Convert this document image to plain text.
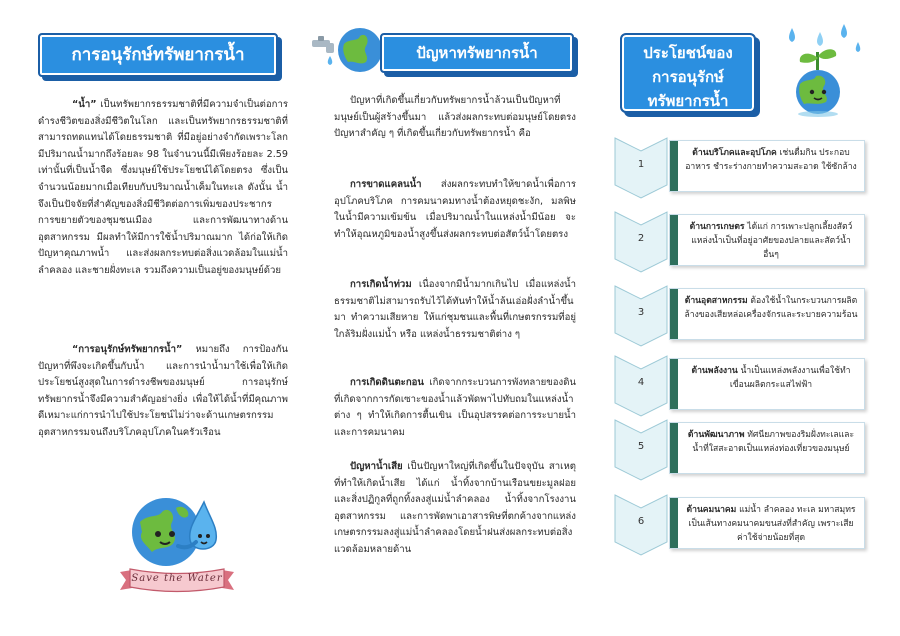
การอนุรักษ์ทรัพยากรน้ำ

“น้ำ” เป็นทรัพยากรธรรมชาติที่มีความจำเป็นต่อการดำรงชีวิตของสิ่งมีชีวิตในโลก และเป็นทรัพยากรธรรมชาติที่สามารถทดแทนได้โดยธรรมชาติ ที่มีอยู่อย่างจำกัดเพราะโลกมีปริมาณน้ำมากถึงร้อยละ 98 ในจำนวนนี้มีเพียงร้อยละ 2.59 เท่านั้นที่เป็นน้ำจืด ซึ่งมนุษย์ใช้ประโยชน์ได้โดยตรง ซึ่งเป็นจำนวนน้อยมากเมื่อเทียบกับปริมาณน้ำเค็มในทะเล ดังนั้น น้ำจึงเป็นปัจจัยที่สำคัญของสิ่งมีชีวิตต่อการเพิ่มของประชากรการขยายตัวของชุมชนเมือง และการพัฒนาทางด้านอุตสาหกรรม มีผลทำให้มีการใช้น้ำปริมาณมาก ได้ก่อให้เกิดปัญหาคุณภาพน้ำ และส่งผลกระทบต่อสิ่งแวดล้อมในแม่น้ำลำคลอง และชายฝั่งทะเล รวมถึงความเป็นอยู่ของมนุษย์ด้วย

“การอนุรักษ์ทรัพยากรน้ำ” หมายถึง การป้องกันปัญหาที่พึงจะเกิดขึ้นกับน้ำ และการนำน้ำมาใช้เพื่อให้เกิดประโยชน์สูงสุดในการดำรงชีพของมนุษย์ การอนุรักษ์ทรัพยากรน้ำจึงมีความสำคัญอย่างยิ่ง เพื่อให้ได้น้ำที่มีคุณภาพดีเหมาะแก่การนำไปใช้ประโยชน์ไม่ว่าจะด้านเกษตรกรรม อุตสาหกรรมจนถึงบริโภคอุปโภคในครัวเรือน

Save the Water
ปัญหาทรัพยากรน้ำ

ปัญหาที่เกิดขึ้นเกี่ยวกับทรัพยากรน้ำล้วนเป็นปัญหาที่มนุษย์เป็นผู้สร้างขึ้นมา แล้วส่งผลกระทบต่อมนุษย์โดยตรง ปัญหาสำคัญ ๆ ที่เกิดขึ้นเกี่ยวกับทรัพยากรน้ำ คือ

การขาดแคลนน้ำ ส่งผลกระทบทำให้ขาดน้ำเพื่อการอุปโภคบริโภค การคมนาคมทางน้ำต้องหยุดชะงัก, มลพิษในน้ำมีความเข้มข้น เมื่อปริมาณน้ำในแหล่งน้ำมีน้อย จะทำให้อุณหภูมิของน้ำสูงขึ้นส่งผลกระทบต่อสัตว์น้ำโดยตรง

การเกิดน้ำท่วม เนื่องจากมีน้ำมากเกินไป เมื่อแหล่งน้ำธรรมชาติไม่สามารถรับไว้ได้ทันทำให้น้ำล้นเอ่อฝั่งลำน้ำขึ้นมา ทำความเสียหาย ให้แก่ชุมชนและพื้นที่เกษตรกรรมที่อยู่ใกล้ริมฝั่งแม่น้ำ หรือ แหล่งน้ำธรรมชาติต่าง ๆ

การเกิดดินตะกอน เกิดจากกระบวนการพังทลายของดินที่เกิดจากการกัดเซาะของน้ำแล้วพัดพาไปทับถมในแหล่งน้ำต่าง ๆ ทำให้เกิดการตื้นเขิน เป็นอุปสรรคต่อการระบายน้ำ และการคมนาคม

ปัญหาน้ำเสีย เป็นปัญหาใหญ่ที่เกิดขึ้นในปัจจุบัน สาเหตุที่ทำให้เกิดน้ำเสีย ได้แก่ น้ำทิ้งจากบ้านเรือนขยะมูลฝอย และสิ่งปฏิกูลที่ถูกทิ้งลงสู่แม่น้ำลำคลอง น้ำทิ้งจากโรงงานอุตสาหกรรม และการพัดพาเอาสารพิษที่ตกค้างจากแหล่งเกษตรกรรมลงสู่แม่น้ำลำคลองโดยน้ำฝนส่งผลกระทบต่อสิ่งแวดล้อมหลายด้าน

ประโยชน์ของ
การอนุรักษ์
ทรัพยากรน้ำ
1
ด้านบริโภคและอุปโภค เช่นดื่มกิน ประกอบอาหาร ชำระร่างกายทำความสะอาด ใช้ซักล้าง
2
ด้านการเกษตร ได้แก่ การเพาะปลูกเลี้ยงสัตว์ แหล่งน้ำเป็นที่อยู่อาศัยของปลายและสัตว์น้ำอื่นๆ
3
ด้านอุตสาหกรรม ต้องใช้น้ำในกระบวนการผลิต ล้างของเสียหล่อเครื่องจักรและระบายความร้อน
4
ด้านพลังงาน น้ำเป็นแหล่งพลังงานเพื่อใช้ทำเขื่อนผลิตกระแสไฟฟ้า
5
ด้านพัฒนาภาพ ทัศนียภาพของริมฝั่งทะเลและน้ำที่ใสสะอาดเป็นแหล่งท่องเที่ยวของมนุษย์
6
ด้านคมนาคม แม่น้ำ ลำคลอง ทะเล มหาสมุทร เป็นเส้นทางคมนาคมขนส่งที่สำคัญ เพราะเสียค่าใช้จ่ายน้อยที่สุด
